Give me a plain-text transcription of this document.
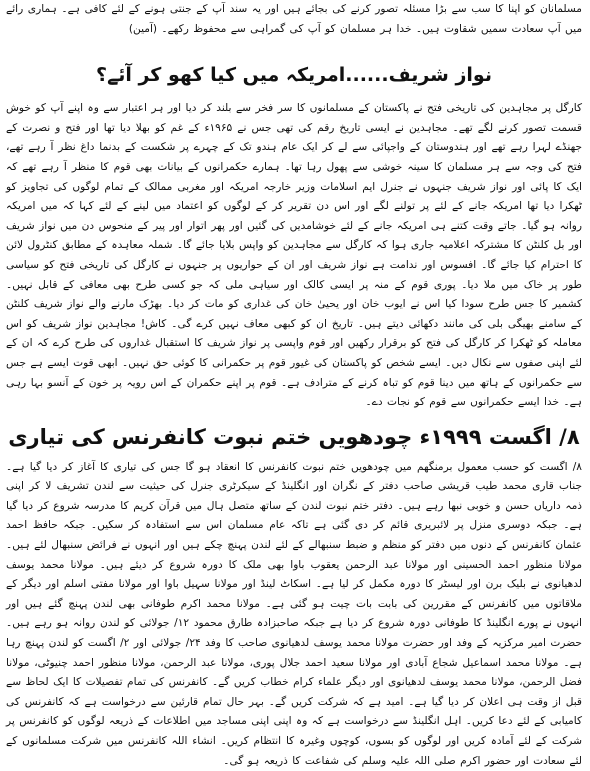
مسلمانان کو اپنا کا سب سے بڑا مسئلہ تصور کرنے کی بجائے ہیں اور یہ سند آپ کے جنتی ہونے کے لئے کافی ہے۔ ہماری رائے میں آپ سعادت سمیں شقاوت ہیں۔ خدا ہر مسلمان کو آپ کی گمراہی سے محفوظ رکھے۔ (آمین)

نواز شریف......امریکہ میں کیا کھو کر آئے؟

کارگل پر مجاہدین کی تاریخی فتح نے پاکستان کے مسلمانوں کا سر فخر سے بلند کر دیا اور ہر اعتبار سے وہ اپنے آپ کو خوش قسمت تصور کرنے لگے تھے۔ مجاہدین نے ایسی تاریخ رقم کی تھی جس نے ۱۹۶۵ء کے غم کو بھلا دیا تھا اور فتح و نصرت کے جھنڈے لہرا رہے تھے اور ہندوستان کے واجپائی سے لے کر ایک عام ہندو تک کے چہرے پر شکست کے بدنما داغ نظر آ رہے تھے، فتح کی وجہ سے ہر مسلمان کا سینہ خوشی سے پھول رہا تھا۔ ہمارے حکمرانوں کے بیانات بھی قوم کا منظر آ رہے تھے کہ ایک کا پائی اور نواز شریف جنہوں نے جنرل ایم اسلامات وزیر خارجہ امریکہ اور مغربی ممالک کے تمام لوگوں کی تجاویز کو ٹھکرا دیا تھا امریکہ جانے کے لئے پر تولنے لگے اور اس دن تقریر کر کے لوگوں کو اعتماد میں لینے کے لئے کہا کہ میں امریکہ روانہ ہو گیا۔ جاتے وقت کتنے ہی امریکہ جانے کے لئے خوشامدیں کی گئیں اور پھر اتوار اور پیر کے منحوس دن میں نواز شریف اور بل کلنٹن کا مشترکہ اعلامیہ جاری ہوا کہ کارگل سے مجاہدین کو واپس بلایا جائے گا۔ شملہ معاہدہ کے مطابق کنٹرول لائن کا احترام کیا جائے گا۔ افسوس اور ندامت ہے نواز شریف اور ان کے حواریوں پر جنہوں نے کارگل کی تاریخی فتح کو سیاسی طور پر خاک میں ملا دیا۔ پوری قوم کے منہ پر ایسی کالک اور سیاہی ملی کہ جو کسی طرح بھی معافی کے قابل نہیں۔ کشمیر کا جس طرح سودا کیا اس نے ایوب خان اور یحییٰ خان کی غداری کو مات کر دیا۔ بھڑک مارنے والے نواز شریف کلنٹن کے سامنے بھیگی بلی کی مانند دکھائی دیتے ہیں۔ تاریخ ان کو کبھی معاف نہیں کرے گی۔ کاش! مجاہدین نواز شریف کو اس معاملہ کو ٹھکرا کر کارگل کی فتح کو برقرار رکھیں اور قوم واپسی پر نواز شریف کا استقبال غداروں کی طرح کرے کہ ان کے لئے اپنی صفوں سے نکال دیں۔ ایسے شخص کو پاکستان کی غیور قوم پر حکمرانی کا کوئی حق نہیں۔ ابھی قوت ایسے ہے جس سے حکمرانوں کے ہاتھ میں دینا قوم کو تباہ کرنے کے مترادف ہے۔ قوم پر اپنے حکمران کے اس رویہ پر خون کے آنسو بہا رہی ہے۔ خدا ایسے حکمرانوں سے قوم کو نجات دے۔

۸/ اگست ۱۹۹۹ء چودھویں ختم نبوت کانفرنس کی تیاری

۸/ اگست کو حسب معمول برمنگھم میں چودھویں ختم نبوت کانفرنس کا انعقاد ہو گا جس کی تیاری کا آغاز کر دیا گیا ہے۔ جناب قاری محمد طیب قریشی صاحب دفتر کے نگران اور انگلینڈ کے سیکرٹری جنرل کی حیثیت سے لندن تشریف لا کر اپنی ذمہ داریاں حسن و خوبی نبھا رہے ہیں۔ دفتر ختم نبوت لندن کے ساتھ متصل ہال میں قرآن کریم کا مدرسہ شروع کر دیا گیا ہے۔ جبکہ دوسری منزل پر لائبریری قائم کر دی گئی ہے تاکہ عام مسلمان اس سے استفادہ کر سکیں۔ جبکہ حافظ احمد عثمان کانفرنس کے دنوں میں دفتر کو منظم و ضبط سنبھالے کے لئے لندن پہنچ چکے ہیں اور انہوں نے فرائض سنبھال لئے ہیں۔ مولانا منظور احمد الحسینی اور مولانا عبد الرحمن یعقوب باوا بھی ملک کا دورہ شروع کر دیئے ہیں۔ مولانا محمد یوسف لدھیانوی نے بلیک برن اور لیسٹر کا دورہ مکمل کر لیا ہے۔ اسکاٹ لینڈ اور مولانا سہیل باوا اور مولانا مفتی اسلم اور دیگر کے ملاقاتوں میں کانفرنس کے مقررین کی بابت بات چیت ہو گئی ہے۔ مولانا محمد اکرم طوفانی بھی لندن پہنچ گئے ہیں اور انہوں نے پورے انگلینڈ کا طوفانی دورہ شروع کر دیا ہے جبکہ صاحبزادہ طارق محمود ۱۲/ جولائی کو لندن روانہ ہو رہے ہیں۔ حضرت امیر مرکزیہ کے وفد اور حضرت مولانا محمد یوسف لدھیانوی صاحب کا وفد ۲۴/ جولائی اور ۲/ اگست کو لندن پہنچ رہا ہے۔ مولانا محمد اسماعیل شجاع آبادی اور مولانا سعید احمد جلال پوری، مولانا عبد الرحمن، مولانا منظور احمد چنیوٹی، مولانا فضل الرحمن، مولانا محمد یوسف لدھیانوی اور دیگر علماء کرام خطاب کریں گے۔ کانفرنس کی تمام تفصیلات کا ایک لحاظ سے قبل از وقت ہی اعلان کر دیا گیا ہے۔ امید ہے کہ شرکت کریں گے۔ بہر حال تمام قارئین سے درخواست ہے کہ کانفرنس کی کامیابی کے لئے دعا کریں۔ اہل انگلینڈ سے درخواست ہے کہ وہ اپنی اپنی مساجد میں اطلاعات کے ذریعہ لوگوں کو کانفرنس پر شرکت کے لئے آمادہ کریں اور لوگوں کو بسوں، کوچوں وغیرہ کا انتظام کریں۔ انشاء اللہ کانفرنس میں شرکت مسلمانوں کے لئے سعادت اور حضور اکرم صلی اللہ علیہ وسلم کی شفاعت کا ذریعہ ہو گی۔
